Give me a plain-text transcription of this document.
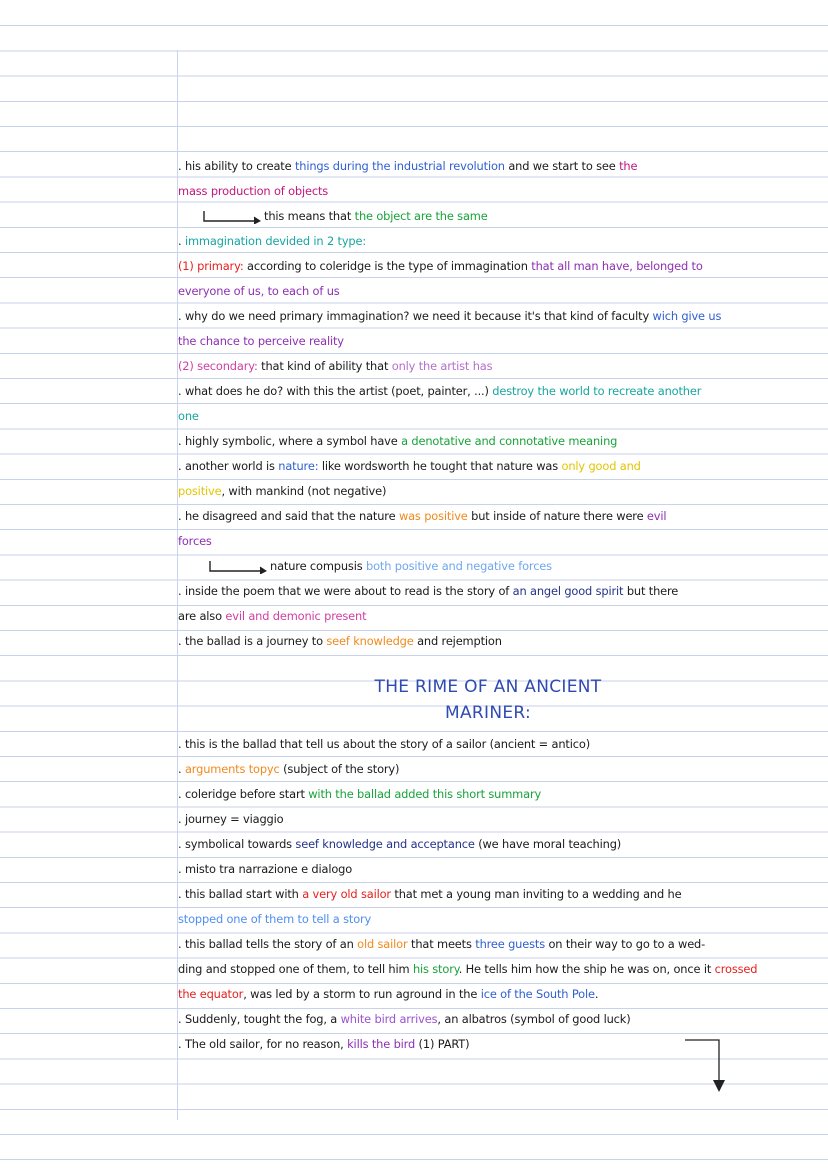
. his ability to create things during the industrial revolution and we start to see the
mass production of objects
this means that the object are the same
. immagination devided in 2 type:
(1) primary: according to coleridge is the type of immagination that all man have, belonged to
everyone of us, to each of us
. why do we need primary immagination? we need it because it's that kind of faculty wich give us
the chance to perceive reality
(2) secondary: that kind of ability that only the artist has
. what does he do? with this the artist (poet, painter, ...) destroy the world to recreate another
one
. highly symbolic, where a symbol have a denotative and connotative meaning
. another world is nature: like wordsworth he tought that nature was only good and
positive, with mankind (not negative)
. he disagreed and said that the nature was positive but inside of nature there were evil
forces
nature compusis both positive and negative forces
. inside the poem that we were about to read is the story of an angel good spirit but there
are also evil and demonic present
. the ballad is a journey to seef knowledge and rejemption
THE RIME OF AN ANCIENT
MARINER:
. this is the ballad that tell us about the story of a sailor (ancient = antico)
. arguments topyc (subject of the story)
. coleridge before start with the ballad added this short summary
. journey = viaggio
. symbolical towards seef knowledge and acceptance (we have moral teaching)
. misto tra narrazione e dialogo
. this ballad start with a very old sailor that met a young man inviting to a wedding and he
stopped one of them to tell a story
. this ballad tells the story of an old sailor that meets three guests on their way to go to a wed-
ding and stopped one of them, to tell him his story. He tells him how the ship he was on, once it crossed
the equator, was led by a storm to run aground in the ice of the South Pole.
. Suddenly, tought the fog, a white bird arrives, an albatros (symbol of good luck)
. The old sailor, for no reason, kills the bird (1) PART)
